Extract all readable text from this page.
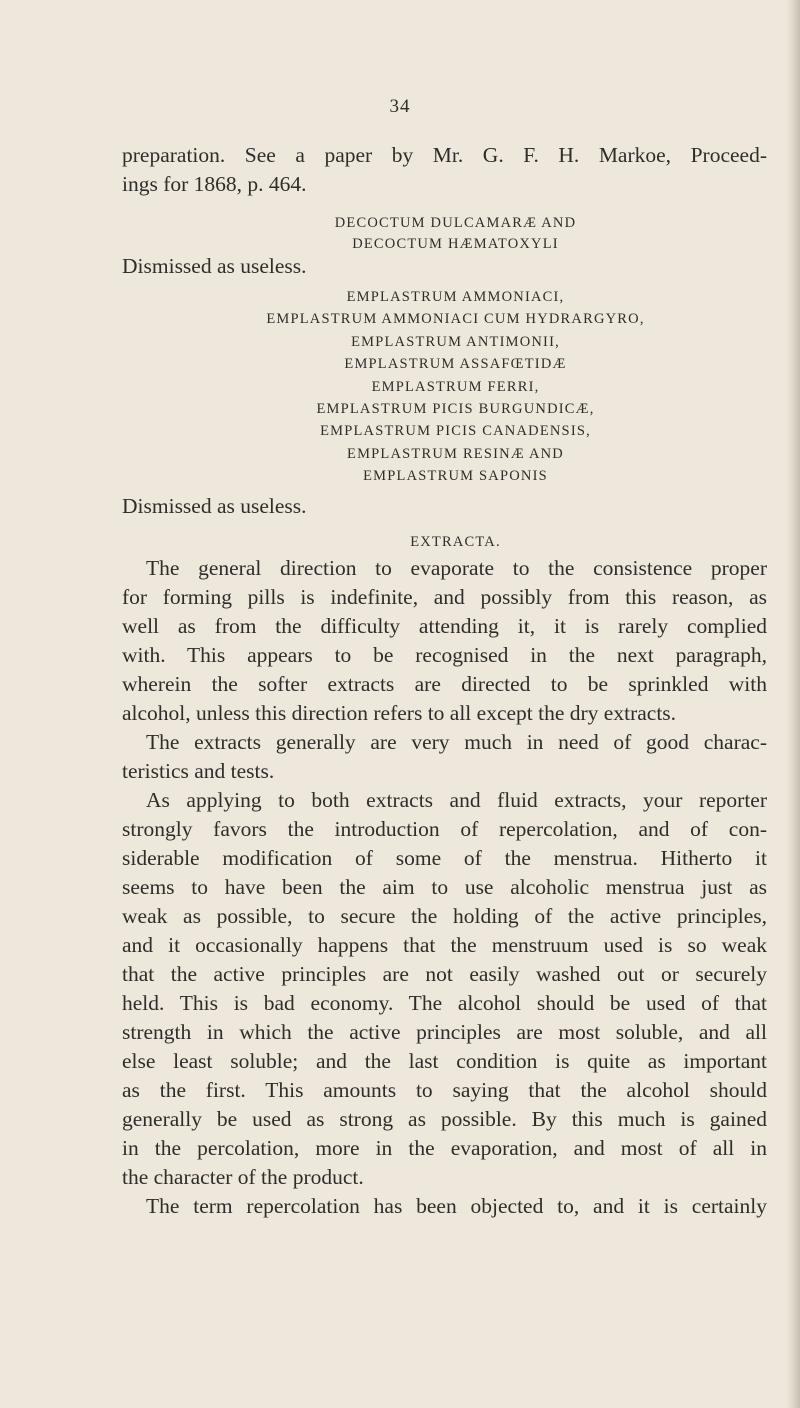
34

preparation. See a paper by Mr. G. F. H. Markoe, Proceed-
ings for 1868, p. 464.

DECOCTUM DULCAMARÆ AND
DECOCTUM HÆMATOXYLI

Dismissed as useless.

EMPLASTRUM AMMONIACI,
EMPLASTRUM AMMONIACI CUM HYDRARGYRO,
EMPLASTRUM ANTIMONII,
EMPLASTRUM ASSAFŒTIDÆ
EMPLASTRUM FERRI,
EMPLASTRUM PICIS BURGUNDICÆ,
EMPLASTRUM PICIS CANADENSIS,
EMPLASTRUM RESINÆ AND
EMPLASTRUM SAPONIS

Dismissed as useless.

EXTRACTA.

The general direction to evaporate to the consistence proper
for forming pills is indefinite, and possibly from this reason, as
well as from the difficulty attending it, it is rarely complied
with. This appears to be recognised in the next paragraph,
wherein the softer extracts are directed to be sprinkled with
alcohol, unless this direction refers to all except the dry extracts.

The extracts generally are very much in need of good charac-
teristics and tests.

As applying to both extracts and fluid extracts, your reporter
strongly favors the introduction of repercolation, and of con-
siderable modification of some of the menstrua. Hitherto it
seems to have been the aim to use alcoholic menstrua just as
weak as possible, to secure the holding of the active principles,
and it occasionally happens that the menstruum used is so weak
that the active principles are not easily washed out or securely
held. This is bad economy. The alcohol should be used of that
strength in which the active principles are most soluble, and all
else least soluble; and the last condition is quite as important
as the first. This amounts to saying that the alcohol should
generally be used as strong as possible. By this much is gained
in the percolation, more in the evaporation, and most of all in
the character of the product.

The term repercolation has been objected to, and it is certainly
